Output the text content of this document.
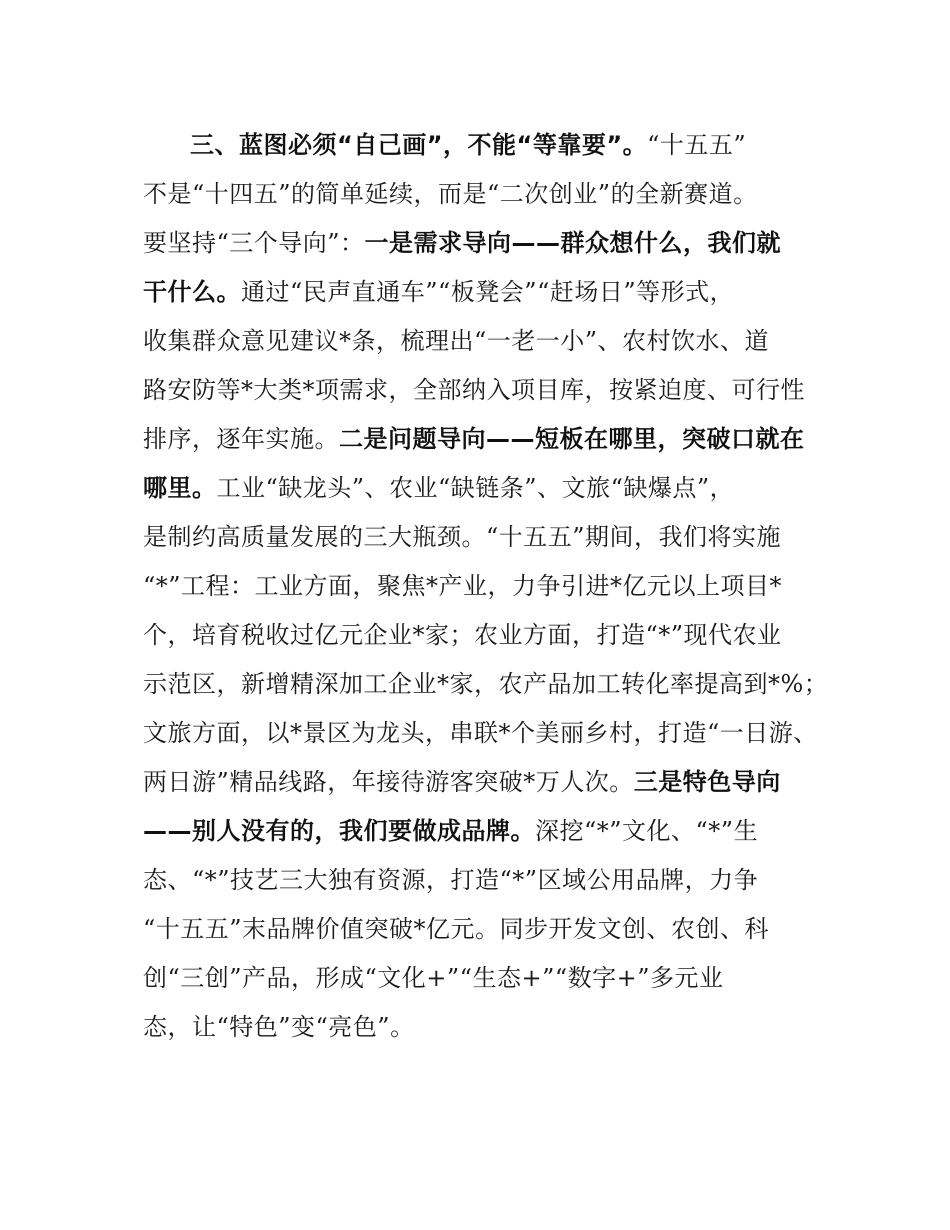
三、蓝图必须“自己画”，不能“等靠要”。“十五五”
不是“十四五”的简单延续，而是“二次创业”的全新赛道。
要坚持“三个导向”：一是需求导向——群众想什么，我们就
干什么。通过“民声直通车”“板凳会”“赶场日”等形式，
收集群众意见建议*条，梳理出“一老一小”、农村饮水、道
路安防等*大类*项需求，全部纳入项目库，按紧迫度、可行性
排序，逐年实施。二是问题导向——短板在哪里，突破口就在
哪里。工业“缺龙头”、农业“缺链条”、文旅“缺爆点”，
是制约高质量发展的三大瓶颈。“十五五”期间，我们将实施
“*”工程：工业方面，聚焦*产业，力争引进*亿元以上项目*
个，培育税收过亿元企业*家；农业方面，打造“*”现代农业
示范区，新增精深加工企业*家，农产品加工转化率提高到*%；
文旅方面，以*景区为龙头，串联*个美丽乡村，打造“一日游、
两日游”精品线路，年接待游客突破*万人次。三是特色导向
——别人没有的，我们要做成品牌。深挖“*”文化、“*”生
态、“*”技艺三大独有资源，打造“*”区域公用品牌，力争
“十五五”末品牌价值突破*亿元。同步开发文创、农创、科
创“三创”产品，形成“文化+”“生态+”“数字+”多元业
态，让“特色”变“亮色”。
